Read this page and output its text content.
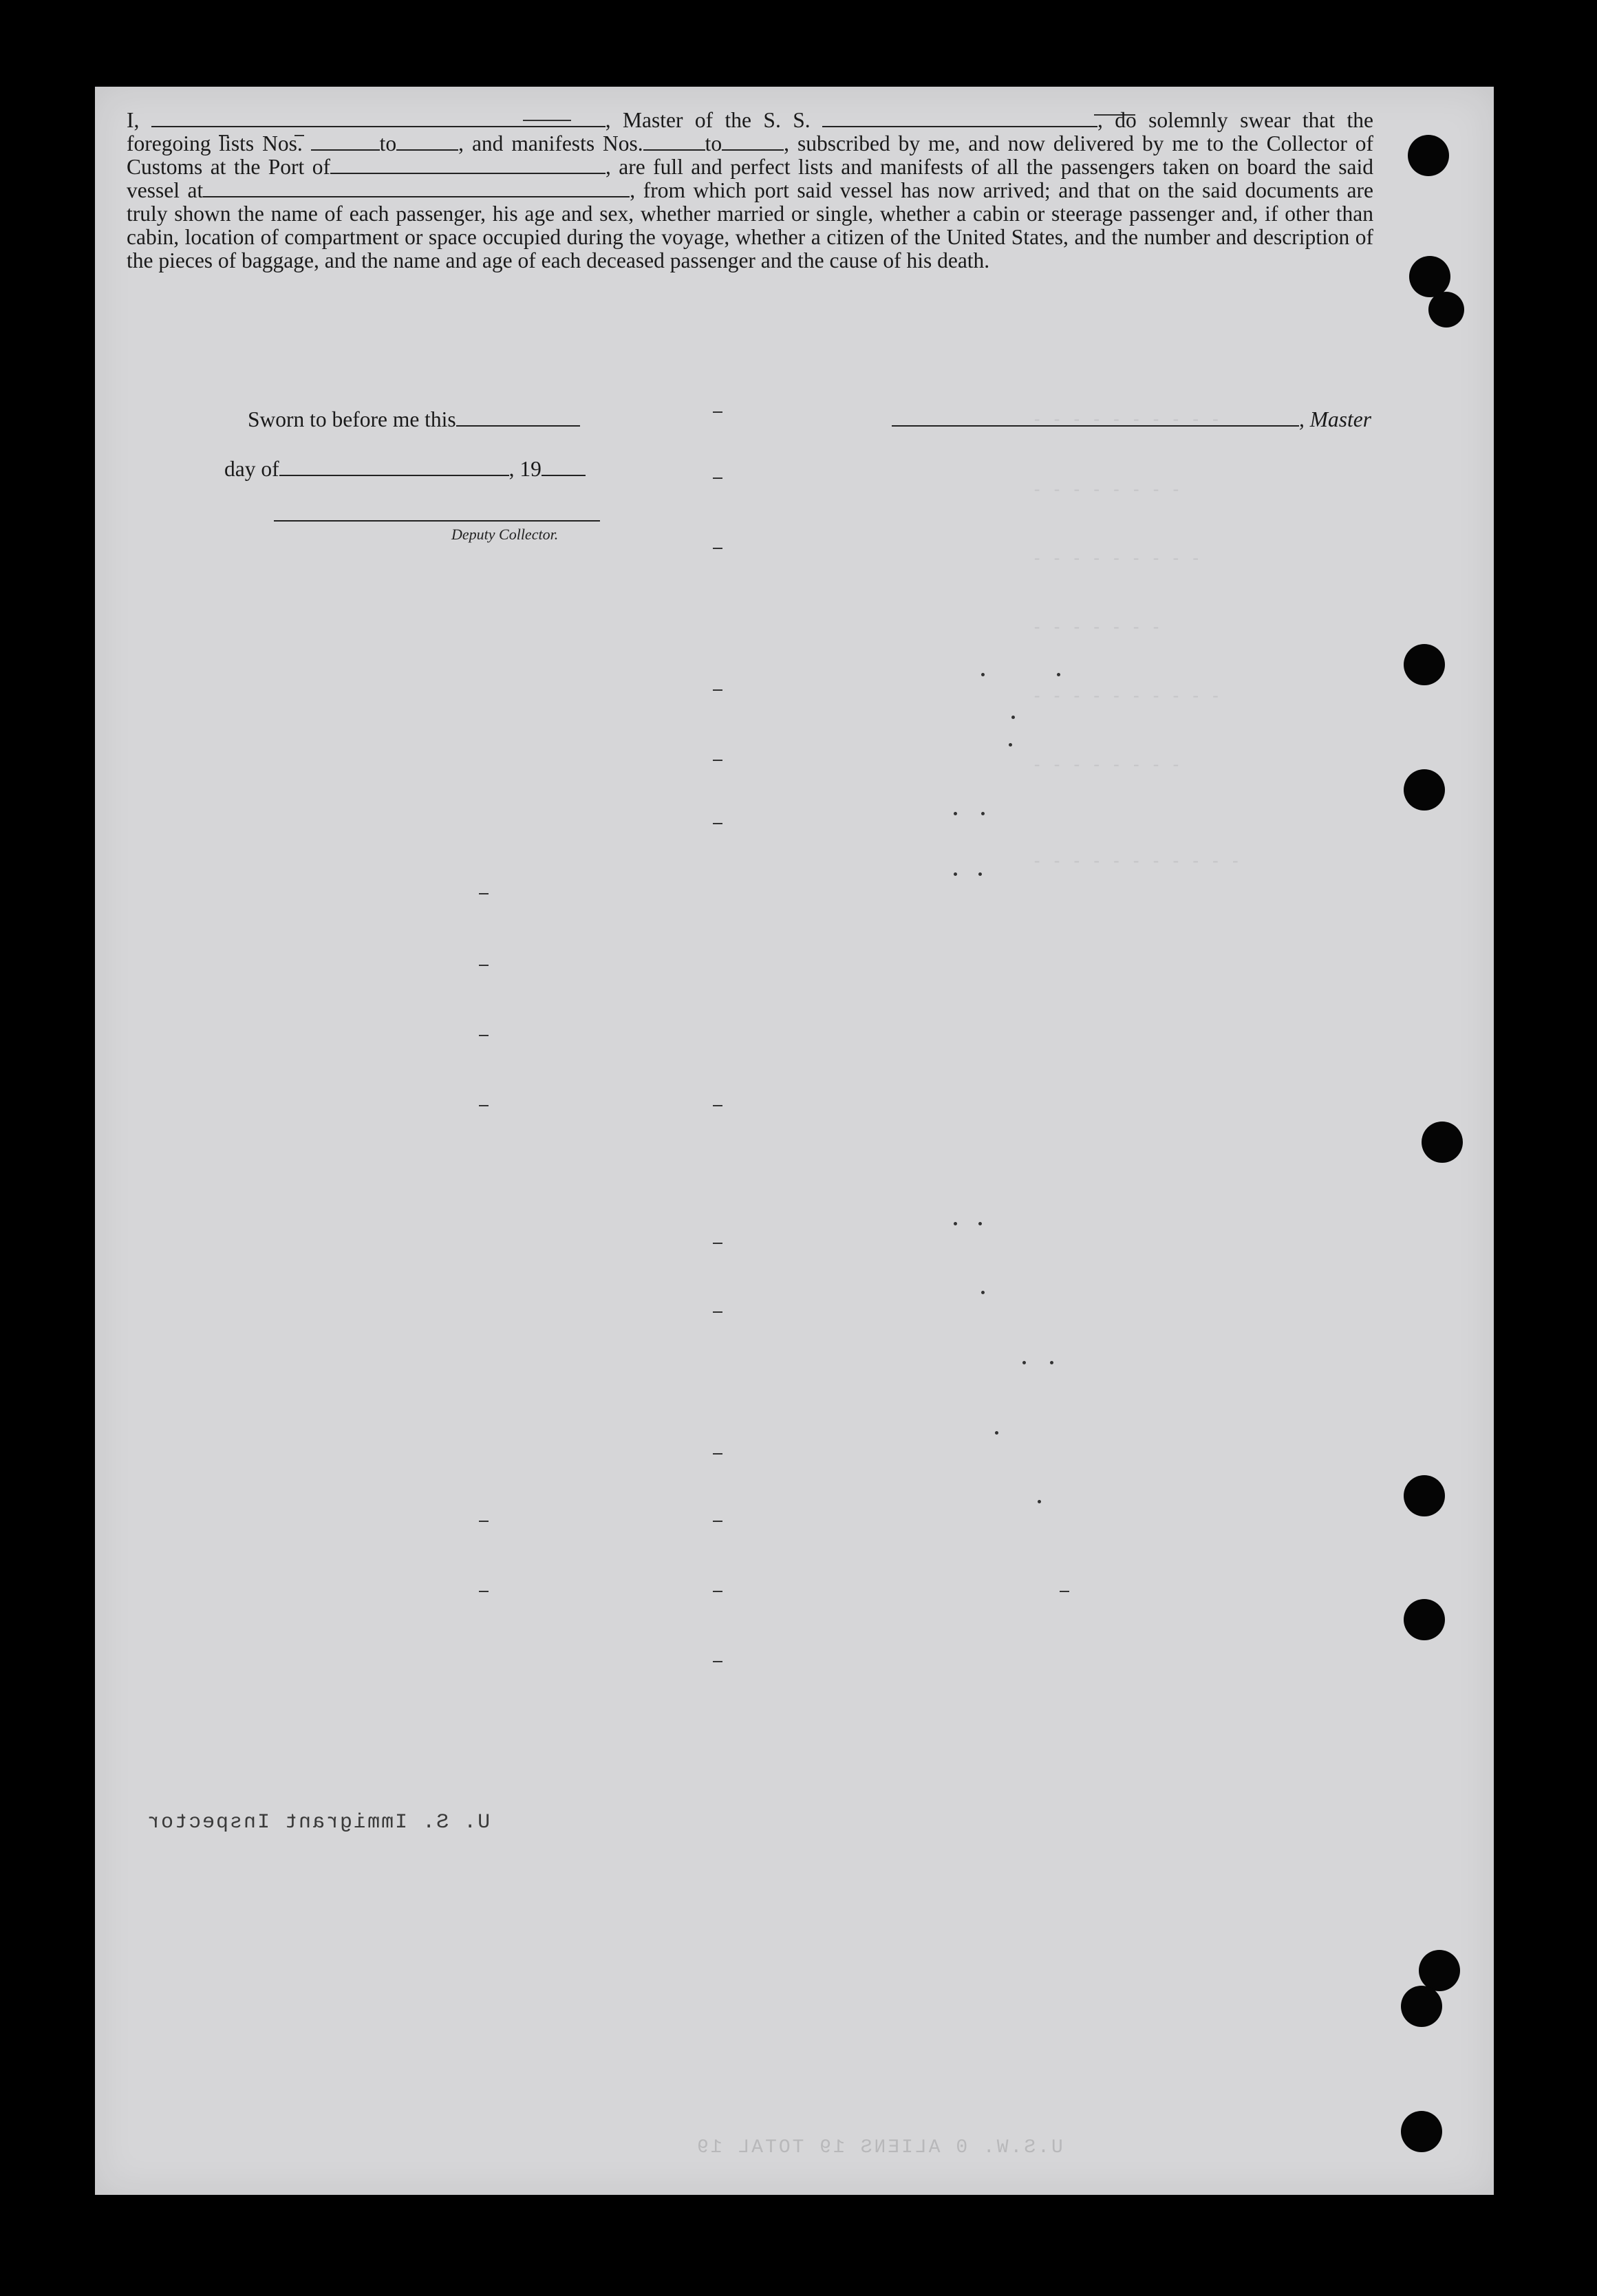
I,	, Master of the S. S.	, do solemnly swear that the foregoing lists Nos.	to	, and manifests Nos.	to	, subscribed by me, and now delivered by me to the Collector of Customs at the Port of	, are full and perfect lists and manifests of all the passengers taken on board the said vessel at	, from which port said vessel has now arrived; and that on the said documents are truly shown the name of each passenger, his age and sex, whether married or single, whether a cabin or steerage passenger and, if other than cabin, location of compartment or space occupied during the voyage, whether a citizen of the United States, and the number and description of the pieces of baggage, and the name and age of each deceased passenger and the cause of his death.
Sworn to before me this	, Master
day of	, 19
Deputy Collector.
- - - - - - - - - -
- - - - - - - -
- - - - - - - - -
- - - - - - -
- - - - - - - - - -
- - - - - - - -
- - - - - - - - - - -
U. S. Immigrant Inspector
U.S.W. 0 ALIENS 19 TOTAL 19
